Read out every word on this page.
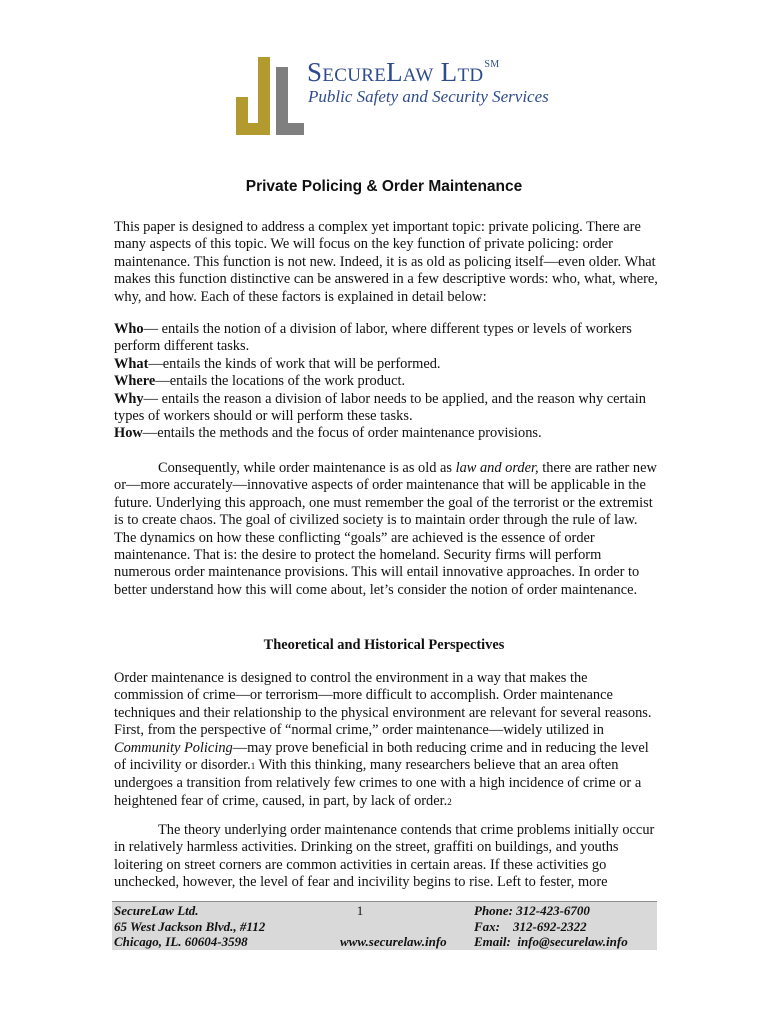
SecureLaw Ltd℠
Public Safety and Security Services
Private Policing & Order Maintenance

This paper is designed to address a complex yet important topic: private policing. There are many aspects of this topic. We will focus on the key function of private policing: order maintenance. This function is not new. Indeed, it is as old as policing itself—even older. What makes this function distinctive can be answered in a few descriptive words: who, what, where, why, and how. Each of these factors is explained in detail below:

Who— entails the notion of a division of labor, where different types or levels of workers perform different tasks.

What—entails the kinds of work that will be performed.

Where—entails the locations of the work product.

Why— entails the reason a division of labor needs to be applied, and the reason why certain types of workers should or will perform these tasks.

How—entails the methods and the focus of order maintenance provisions.

Consequently, while order maintenance is as old as law and order, there are rather new or—more accurately—innovative aspects of order maintenance that will be applicable in the future. Underlying this approach, one must remember the goal of the terrorist or the extremist is to create chaos. The goal of civilized society is to maintain order through the rule of law. The dynamics on how these conflicting “goals” are achieved is the essence of order maintenance. That is: the desire to protect the homeland. Security firms will perform numerous order maintenance provisions. This will entail innovative approaches. In order to better understand how this will come about, let’s consider the notion of order maintenance.

Theoretical and Historical Perspectives

Order maintenance is designed to control the environment in a way that makes the commission of crime—or terrorism—more difficult to accomplish. Order maintenance techniques and their relationship to the physical environment are relevant for several reasons. First, from the perspective of “normal crime,” order maintenance—widely utilized in Community Policing—may prove beneficial in both reducing crime and in reducing the level of incivility or disorder.1 With this thinking, many researchers believe that an area often undergoes a transition from relatively few crimes to one with a high incidence of crime or a heightened fear of crime, caused, in part, by lack of order.2

The theory underlying order maintenance contends that crime problems initially occur in relatively harmless activities. Drinking on the street, graffiti on buildings, and youths loitering on street corners are common activities in certain areas. If these activities go unchecked, however, the level of fear and incivility begins to rise. Left to fester, more

SecureLaw Ltd.
65 West Jackson Blvd., #112
Chicago, IL. 60604-3598
1
www.securelaw.info
Phone: 312-423-6700
Fax:    312-692-2322
Email:  info@securelaw.info
